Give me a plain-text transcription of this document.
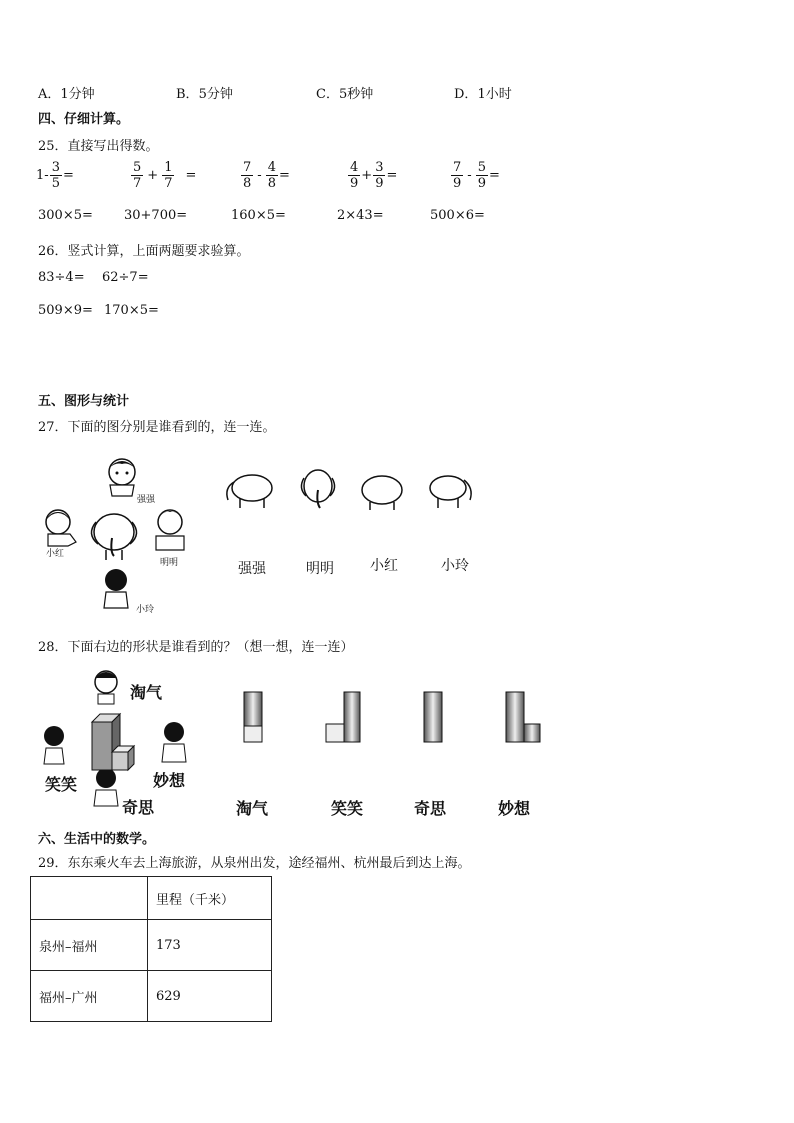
A．1分钟	B．5分钟	C．5秒钟	D．1小时
四、仔细计算。
25．直接写出得数。
$1- \frac{3}{5}$ =	$\frac{5}{7} + \frac{1}{7}$ =	$\frac{7}{8} - \frac{4}{8}$ =	$\frac{4}{9} + \frac{3}{9}$ =	$\frac{7}{9} - \frac{5}{9}$ =
300×5= 30+700=	160×5=	2×43=	500×6=
26．竖式计算，上面两题要求验算。
83÷4= 62÷7=
509×9= 170×5=
五、图形与统计
27．下面的图分别是谁看到的，连一连。
强强
小红
明明
小玲
强强	明明	小红	小玲
28．下面右边的形状是谁看到的？（想一想，连一连）
淘气
笑笑	妙想
奇思	淘气	笑笑	奇思	妙想
六、生活中的数学。
29．东东乘火车去上海旅游，从泉州出发，途经福州、杭州最后到达上海。
	里程（千米）
泉州–福州	173
福州–广州	629
